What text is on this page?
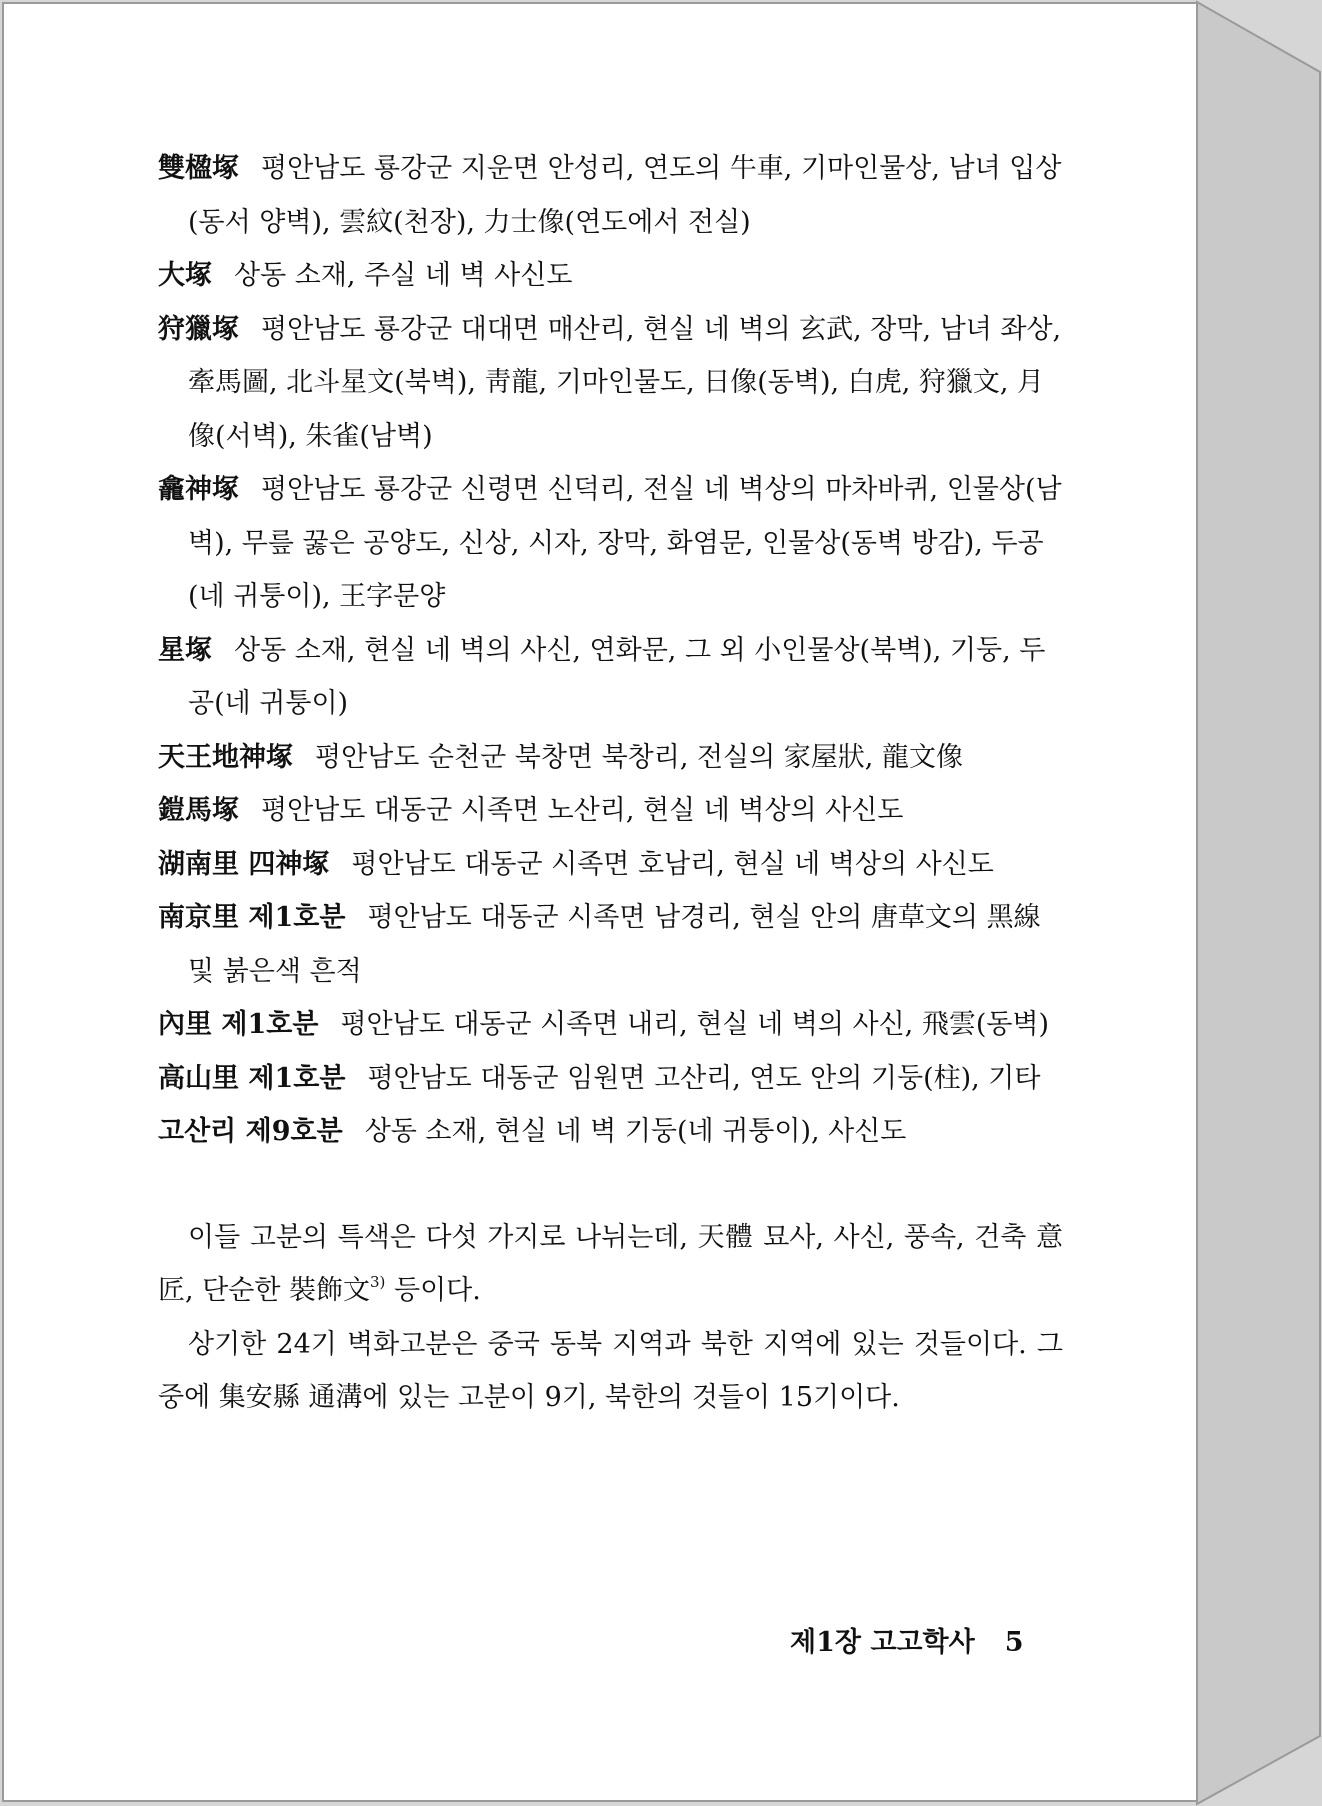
雙楹塚 평안남도 룡강군 지운면 안성리, 연도의 牛車, 기마인물상, 남녀 입상(동서 양벽), 雲紋(천장), 力士像(연도에서 전실)

大塚 상동 소재, 주실 네 벽 사신도

狩獵塚 평안남도 룡강군 대대면 매산리, 현실 네 벽의 玄武, 장막, 남녀 좌상, 牽馬圖, 北斗星文(북벽), 靑龍, 기마인물도, 日像(동벽), 白虎, 狩獵文, 月像(서벽), 朱雀(남벽)

龕神塚 평안남도 룡강군 신령면 신덕리, 전실 네 벽상의 마차바퀴, 인물상(남벽), 무릎 꿇은 공양도, 신상, 시자, 장막, 화염문, 인물상(동벽 방감), 두공(네 귀퉁이), 王字문양

星塚 상동 소재, 현실 네 벽의 사신, 연화문, 그 외 小인물상(북벽), 기둥, 두공(네 귀퉁이)

天王地神塚 평안남도 순천군 북창면 북창리, 전실의 家屋狀, 龍文像

鎧馬塚 평안남도 대동군 시족면 노산리, 현실 네 벽상의 사신도

湖南里 四神塚 평안남도 대동군 시족면 호남리, 현실 네 벽상의 사신도

南京里 제1호분 평안남도 대동군 시족면 남경리, 현실 안의 唐草文의 黑線 및 붉은색 흔적

內里 제1호분 평안남도 대동군 시족면 내리, 현실 네 벽의 사신, 飛雲(동벽)

高山里 제1호분 평안남도 대동군 임원면 고산리, 연도 안의 기둥(柱), 기타

고산리 제9호분 상동 소재, 현실 네 벽 기둥(네 귀퉁이), 사신도

이들 고분의 특색은 다섯 가지로 나뉘는데, 天體 묘사, 사신, 풍속, 건축 意匠, 단순한 裝飾文$^{3)}$ 등이다.

상기한 24기 벽화고분은 중국 동북 지역과 북한 지역에 있는 것들이다. 그 중에 集安縣 通溝에 있는 고분이 9기, 북한의 것들이 15기이다.

제1장 고고학사 5
